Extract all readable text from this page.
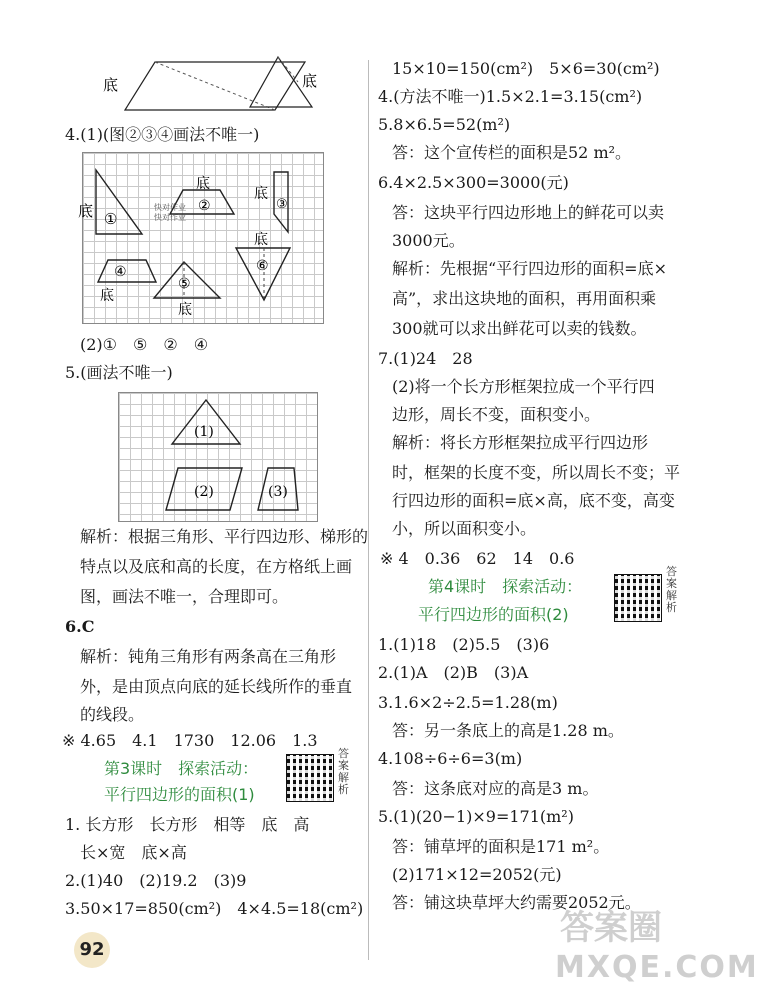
底	底
4.(1)(图②③④画法不唯一)
底 ①
底
②
快对作业
快对作业
底
③
底
④
底
⑤
底
⑥
(2)①　⑤　②　④
5.(画法不唯一)
(1)
(2)	(3)
解析：根据三角形、平行四边形、梯形的
特点以及底和高的长度，在方格纸上画
图，画法不唯一，合理即可。
6.C
解析：钝角三角形有两条高在三角形
外，是由顶点向底的延长线所作的垂直
的线段。
※ 4.65　4.1　1730　12.06　1.3
第3课时　探索活动：
平行四边形的面积(1)
答案解析
1. 长方形　长方形　相等　底　高
长×宽　底×高
2.(1)40　(2)19.2　(3)9
3.50×17=850(cm²)　4×4.5=18(cm²)
15×10=150(cm²)　5×6=30(cm²)
4.(方法不唯一)1.5×2.1=3.15(cm²)
5.8×6.5=52(m²)
答：这个宣传栏的面积是52 m²。
6.4×2.5×300=3000(元)
答：这块平行四边形地上的鲜花可以卖
3000元。
解析：先根据“平行四边形的面积=底×
高”，求出这块地的面积，再用面积乘
300就可以求出鲜花可以卖的钱数。
7.(1)24　28
(2)将一个长方形框架拉成一个平行四
边形，周长不变，面积变小。
解析：将长方形框架拉成平行四边形
时，框架的长度不变，所以周长不变；平
行四边形的面积=底×高，底不变，高变
小，所以面积变小。
※ 4　0.36　62　14　0.6
第4课时　探索活动：
平行四边形的面积(2)
答案解析
1.(1)18　(2)5.5　(3)6
2.(1)A　(2)B　(3)A
3.1.6×2÷2.5=1.28(m)
答：另一条底上的高是1.28 m。
4.108÷6÷6=3(m)
答：这条底对应的高是3 m。
5.(1)(20−1)×9=171(m²)
答：铺草坪的面积是171 m²。
(2)171×12=2052(元)
答：铺这块草坪大约需要2052元。
92
答案圈
MXQE.COM
